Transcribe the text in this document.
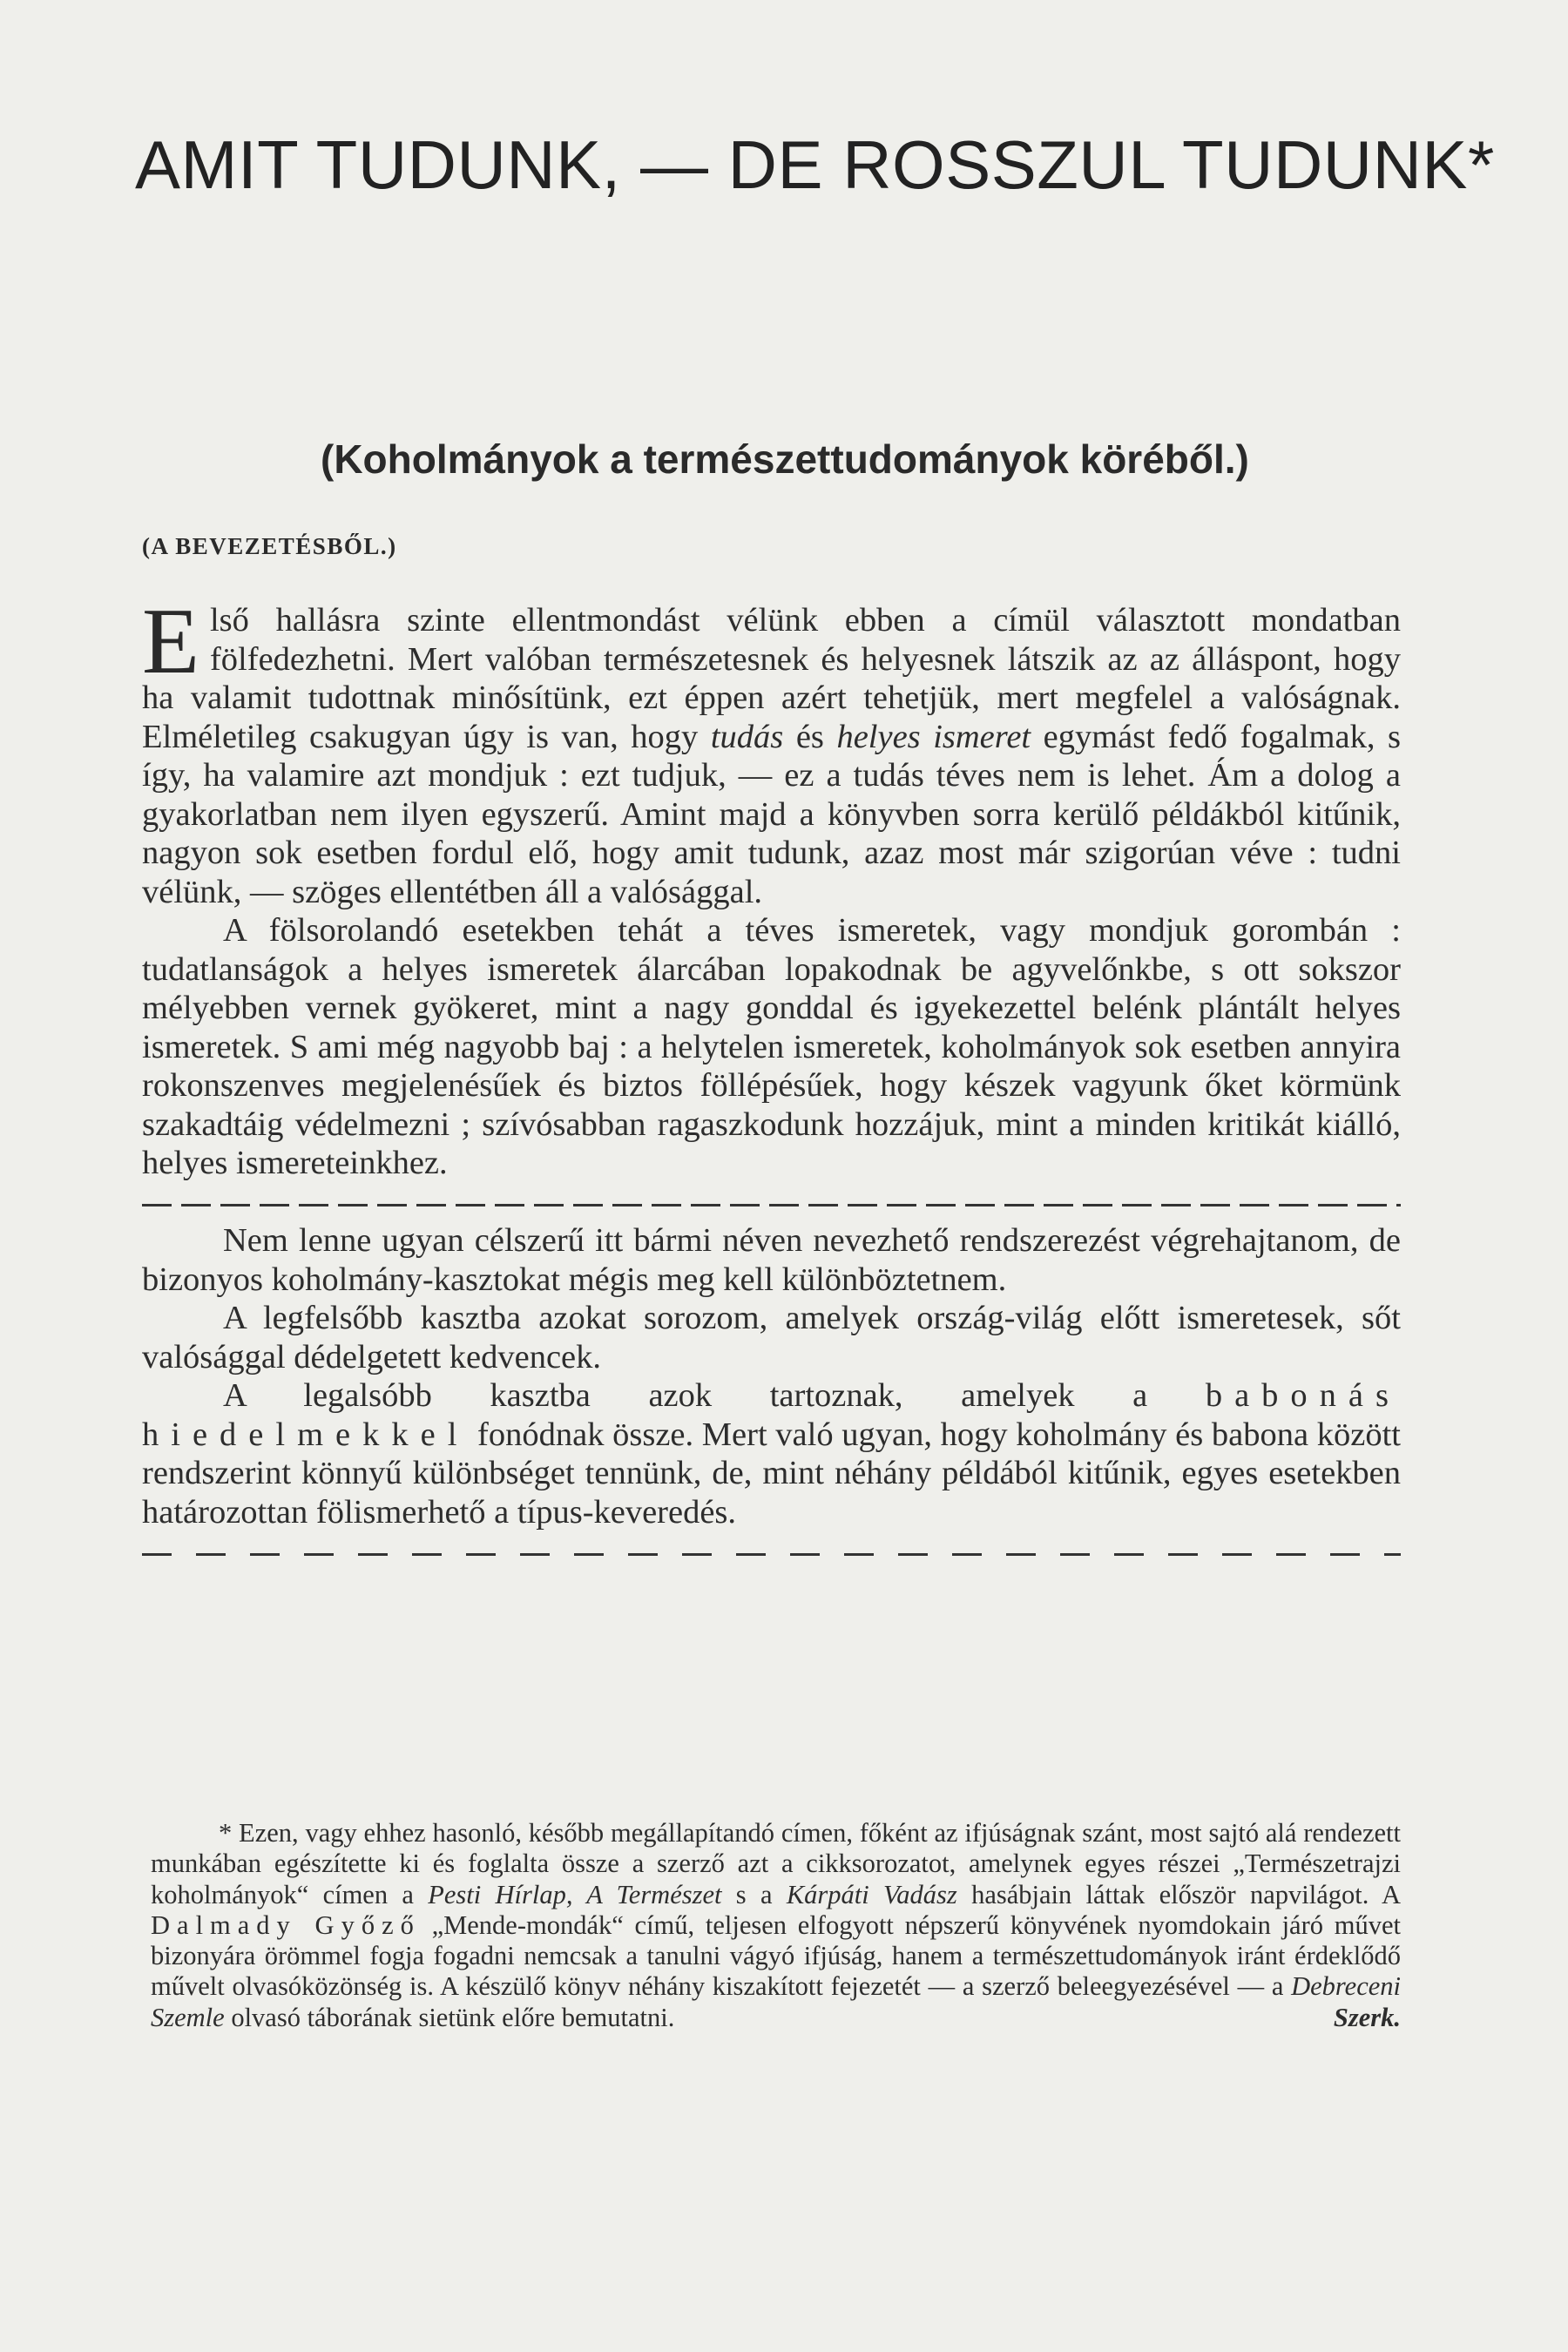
AMIT TUDUNK, — DE ROSSZUL TUDUNK*
(Koholmányok a természettudományok köréből.)
(A BEVEZETÉSBŐL.)

Első hallásra szinte ellentmondást vélünk ebben a címül választott mondatban fölfedezhetni. Mert valóban természetesnek és helyesnek látszik az az álláspont, hogy ha valamit tudottnak minősítünk, ezt éppen azért tehetjük, mert megfelel a valóságnak. Elméletileg csakugyan úgy is van, hogy tudás és helyes ismeret egymást fedő fogalmak, s így, ha valamire azt mondjuk : ezt tudjuk, — ez a tudás téves nem is lehet. Ám a dolog a gyakorlatban nem ilyen egyszerű. Amint majd a könyvben sorra kerülő példákból kitűnik, nagyon sok esetben fordul elő, hogy amit tudunk, azaz most már szigorúan véve : tudni vélünk, — szöges ellentétben áll a valósággal.

A fölsorolandó esetekben tehát a téves ismeretek, vagy mondjuk gorombán : tudatlanságok a helyes ismeretek álarcában lopakodnak be agyvelőnkbe, s ott sokszor mélyebben vernek gyökeret, mint a nagy gonddal és igyekezettel belénk plántált helyes ismeretek. S ami még nagyobb baj : a helytelen ismeretek, koholmányok sok esetben annyira rokonszenves megjelenésűek és biztos föllépésűek, hogy készek vagyunk őket körmünk szakadtáig védelmezni ; szívósabban ragaszkodunk hozzájuk, mint a minden kritikát kiálló, helyes ismereteinkhez.

Nem lenne ugyan célszerű itt bármi néven nevezhető rendszerezést végrehajtanom, de bizonyos koholmány-kasztokat mégis meg kell különböztetnem.

A legfelsőbb kasztba azokat sorozom, amelyek ország-világ előtt ismeretesek, sőt valósággal dédelgetett kedvencek.

A legalsóbb kasztba azok tartoznak, amelyek a babonás hiedelmekkel fonódnak össze. Mert való ugyan, hogy koholmány és babona között rendszerint könnyű különbséget tennünk, de, mint néhány példából kitűnik, egyes esetekben határozottan fölismerhető a típus-keveredés.

* Ezen, vagy ehhez hasonló, később megállapítandó címen, főként az ifjúságnak szánt, most sajtó alá rendezett munkában egészítette ki és foglalta össze a szerző azt a cikksorozatot, amelynek egyes részei „Természetrajzi koholmányok“ címen a Pesti Hírlap, A Természet s a Kárpáti Vadász hasábjain láttak először napvilágot. A Dalmady Győző „Mende-mondák“ című, teljesen elfogyott népszerű könyvének nyomdokain járó művet bizonyára örömmel fogja fogadni nemcsak a tanulni vágyó ifjúság, hanem a természettudományok iránt érdeklődő művelt olvasóközönség is. A készülő könyv néhány kiszakított fejezetét — a szerző beleegyezésével — a Debreceni Szemle olvasó táborának sietünk előre bemutatni.	Szerk.
